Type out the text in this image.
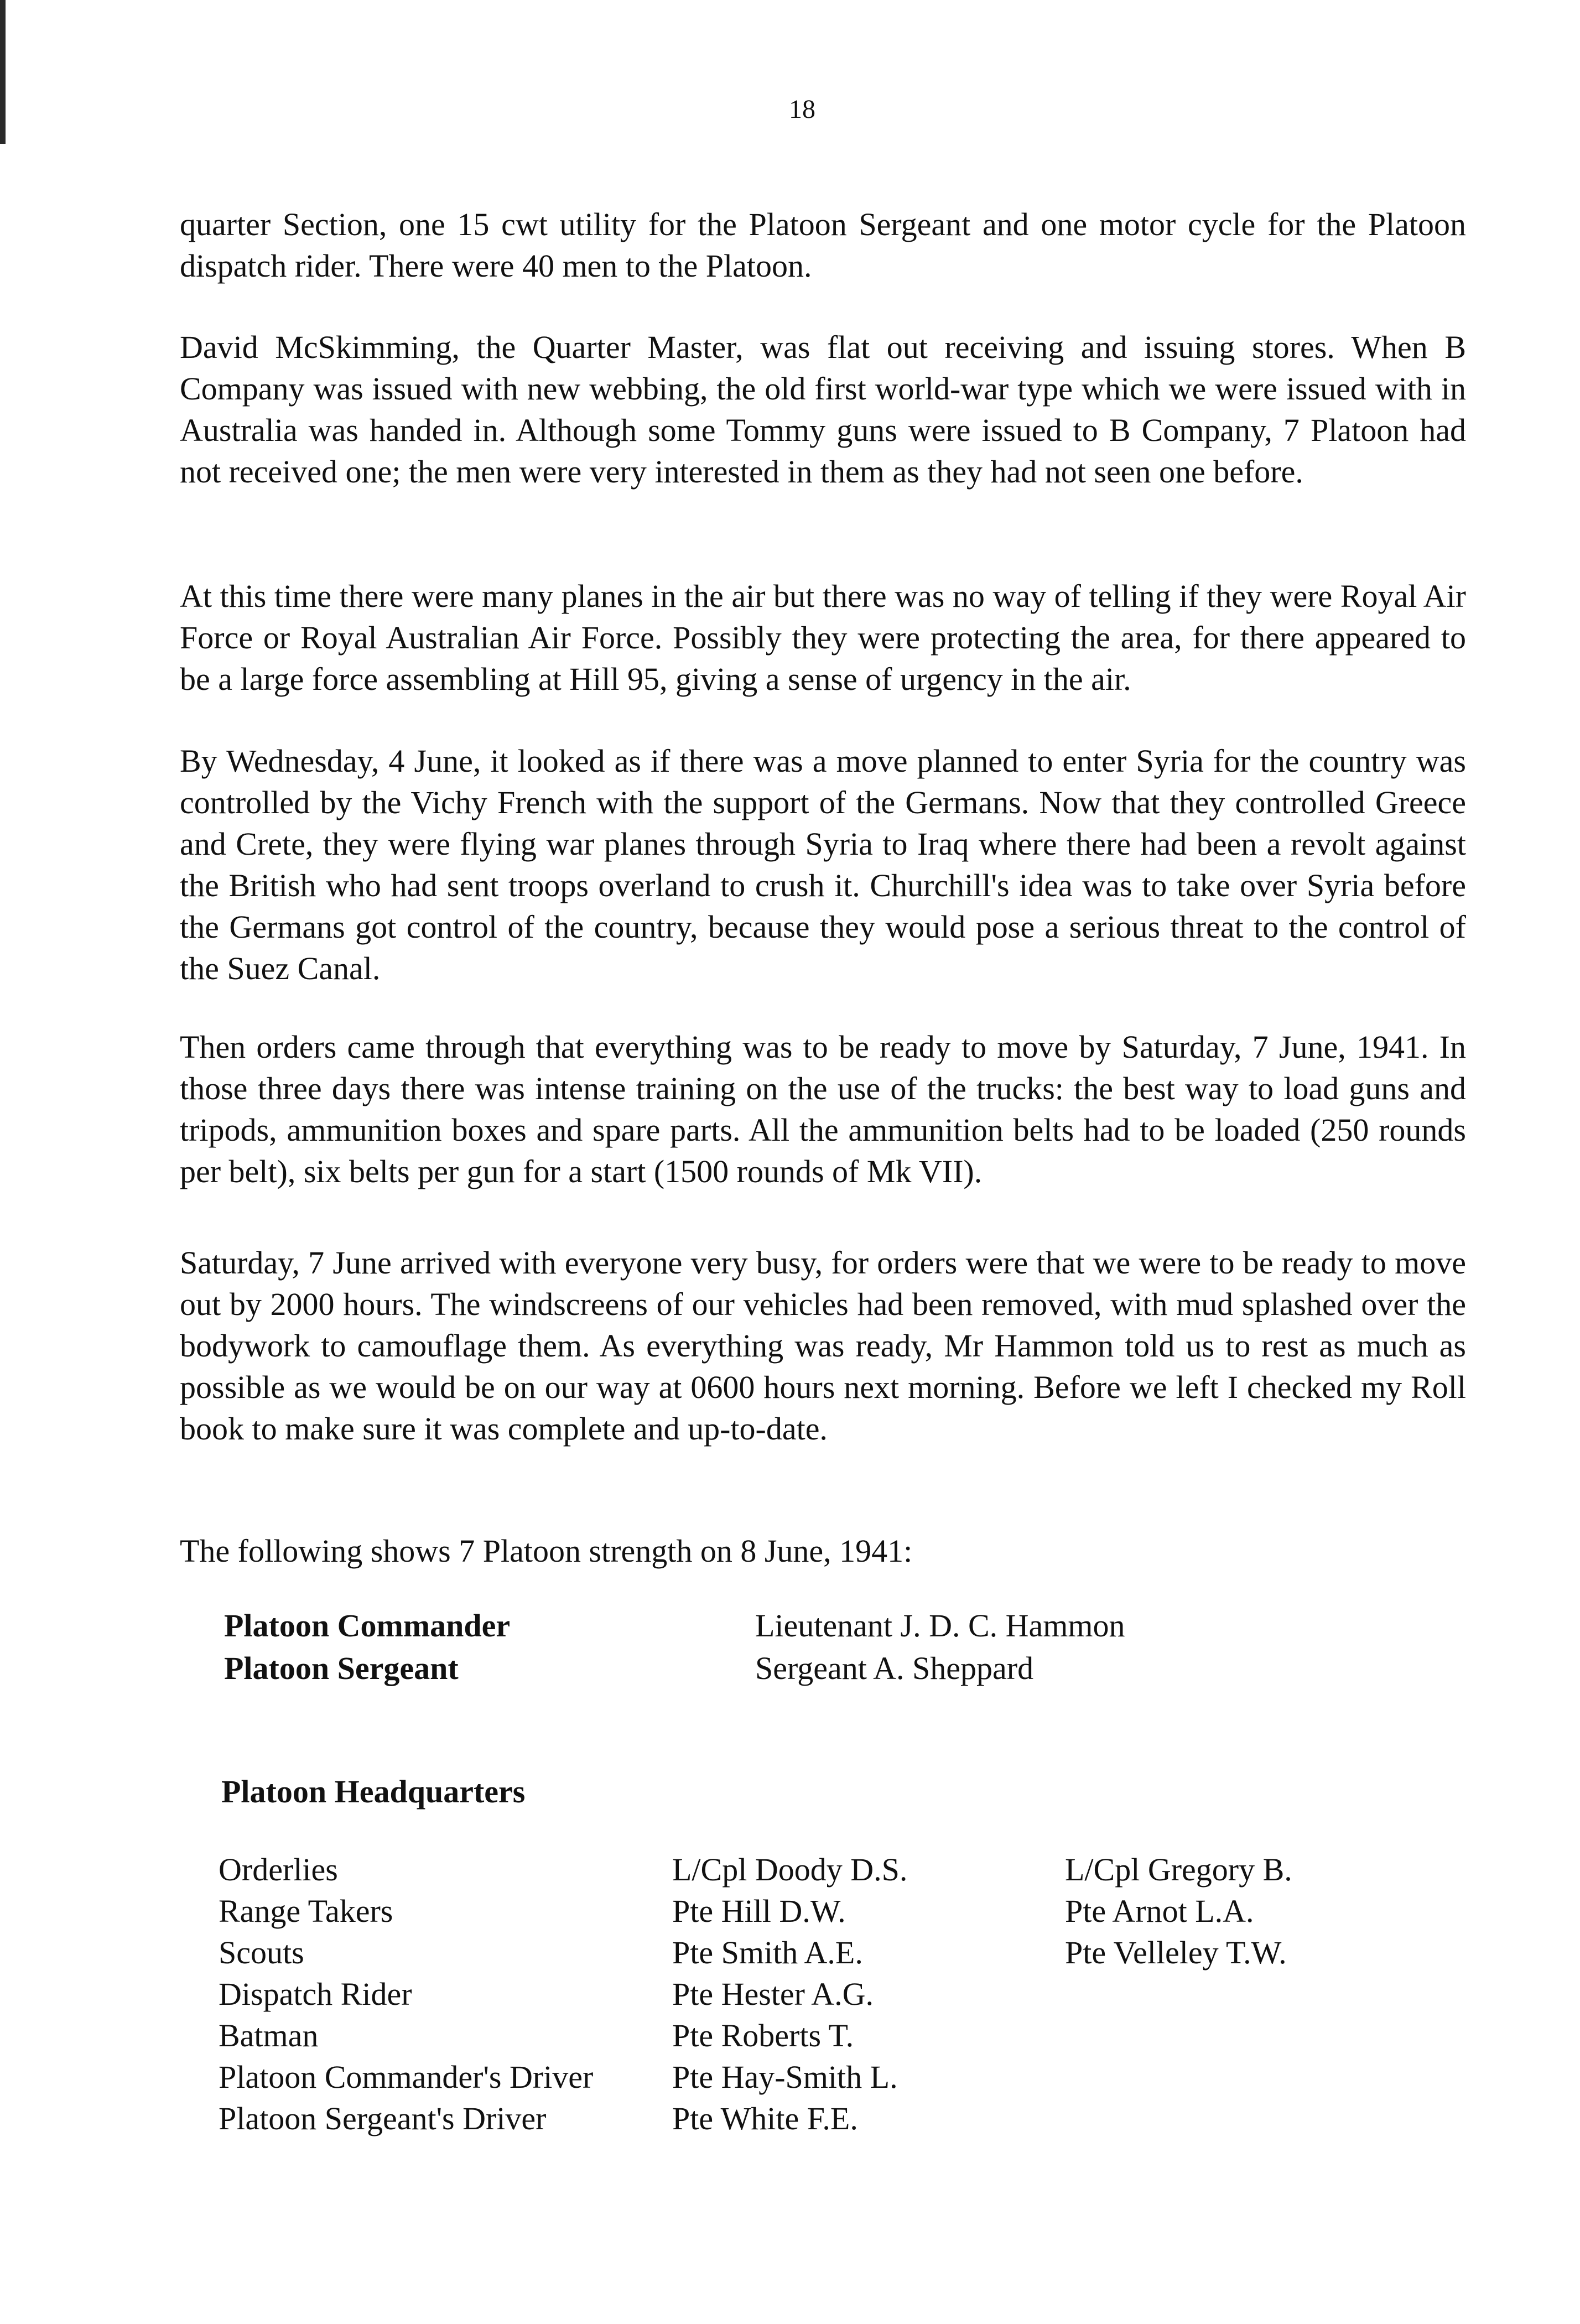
18

quarter Section, one 15 cwt utility for the Platoon Sergeant and one motor cycle for the Platoon dispatch rider. There were 40 men to the Platoon.

David McSkimming, the Quarter Master, was flat out receiving and issuing stores. When B Company was issued with new webbing, the old first world-war type which we were issued with in Australia was handed in. Although some Tommy guns were issued to B Company, 7 Platoon had not received one; the men were very interested in them as they had not seen one before.

At this time there were many planes in the air but there was no way of telling if they were Royal Air Force or Royal Australian Air Force. Possibly they were protecting the area, for there appeared to be a large force assembling at Hill 95, giving a sense of urgency in the air.

By Wednesday, 4 June, it looked as if there was a move planned to enter Syria for the country was controlled by the Vichy French with the support of the Germans. Now that they controlled Greece and Crete, they were flying war planes through Syria to Iraq where there had been a revolt against the British who had sent troops overland to crush it. Churchill's idea was to take over Syria before the Germans got control of the country, because they would pose a serious threat to the control of the Suez Canal.

Then orders came through that everything was to be ready to move by Saturday, 7 June, 1941. In those three days there was intense training on the use of the trucks: the best way to load guns and tripods, ammunition boxes and spare parts. All the ammunition belts had to be loaded (250 rounds per belt), six belts per gun for a start (1500 rounds of Mk VII).

Saturday, 7 June arrived with everyone very busy, for orders were that we were to be ready to move out by 2000 hours. The windscreens of our vehicles had been removed, with mud splashed over the bodywork to camouflage them. As everything was ready, Mr Hammon told us to rest as much as possible as we would be on our way at 0600 hours next morning. Before we left I checked my Roll book to make sure it was complete and up-to-date.

The following shows 7 Platoon strength on 8 June, 1941:

Platoon Commander
Platoon Sergeant
Lieutenant J. D. C. Hammon
Sergeant A. Sheppard
Platoon Headquarters
Orderlies
Range Takers
Scouts
Dispatch Rider
Batman
Platoon Commander's Driver
Platoon Sergeant's Driver
L/Cpl Doody D.S.
Pte Hill D.W.
Pte Smith A.E.
Pte Hester A.G.
Pte Roberts T.
Pte Hay-Smith L.
Pte White F.E.
L/Cpl Gregory B.
Pte Arnot L.A.
Pte Velleley T.W.
